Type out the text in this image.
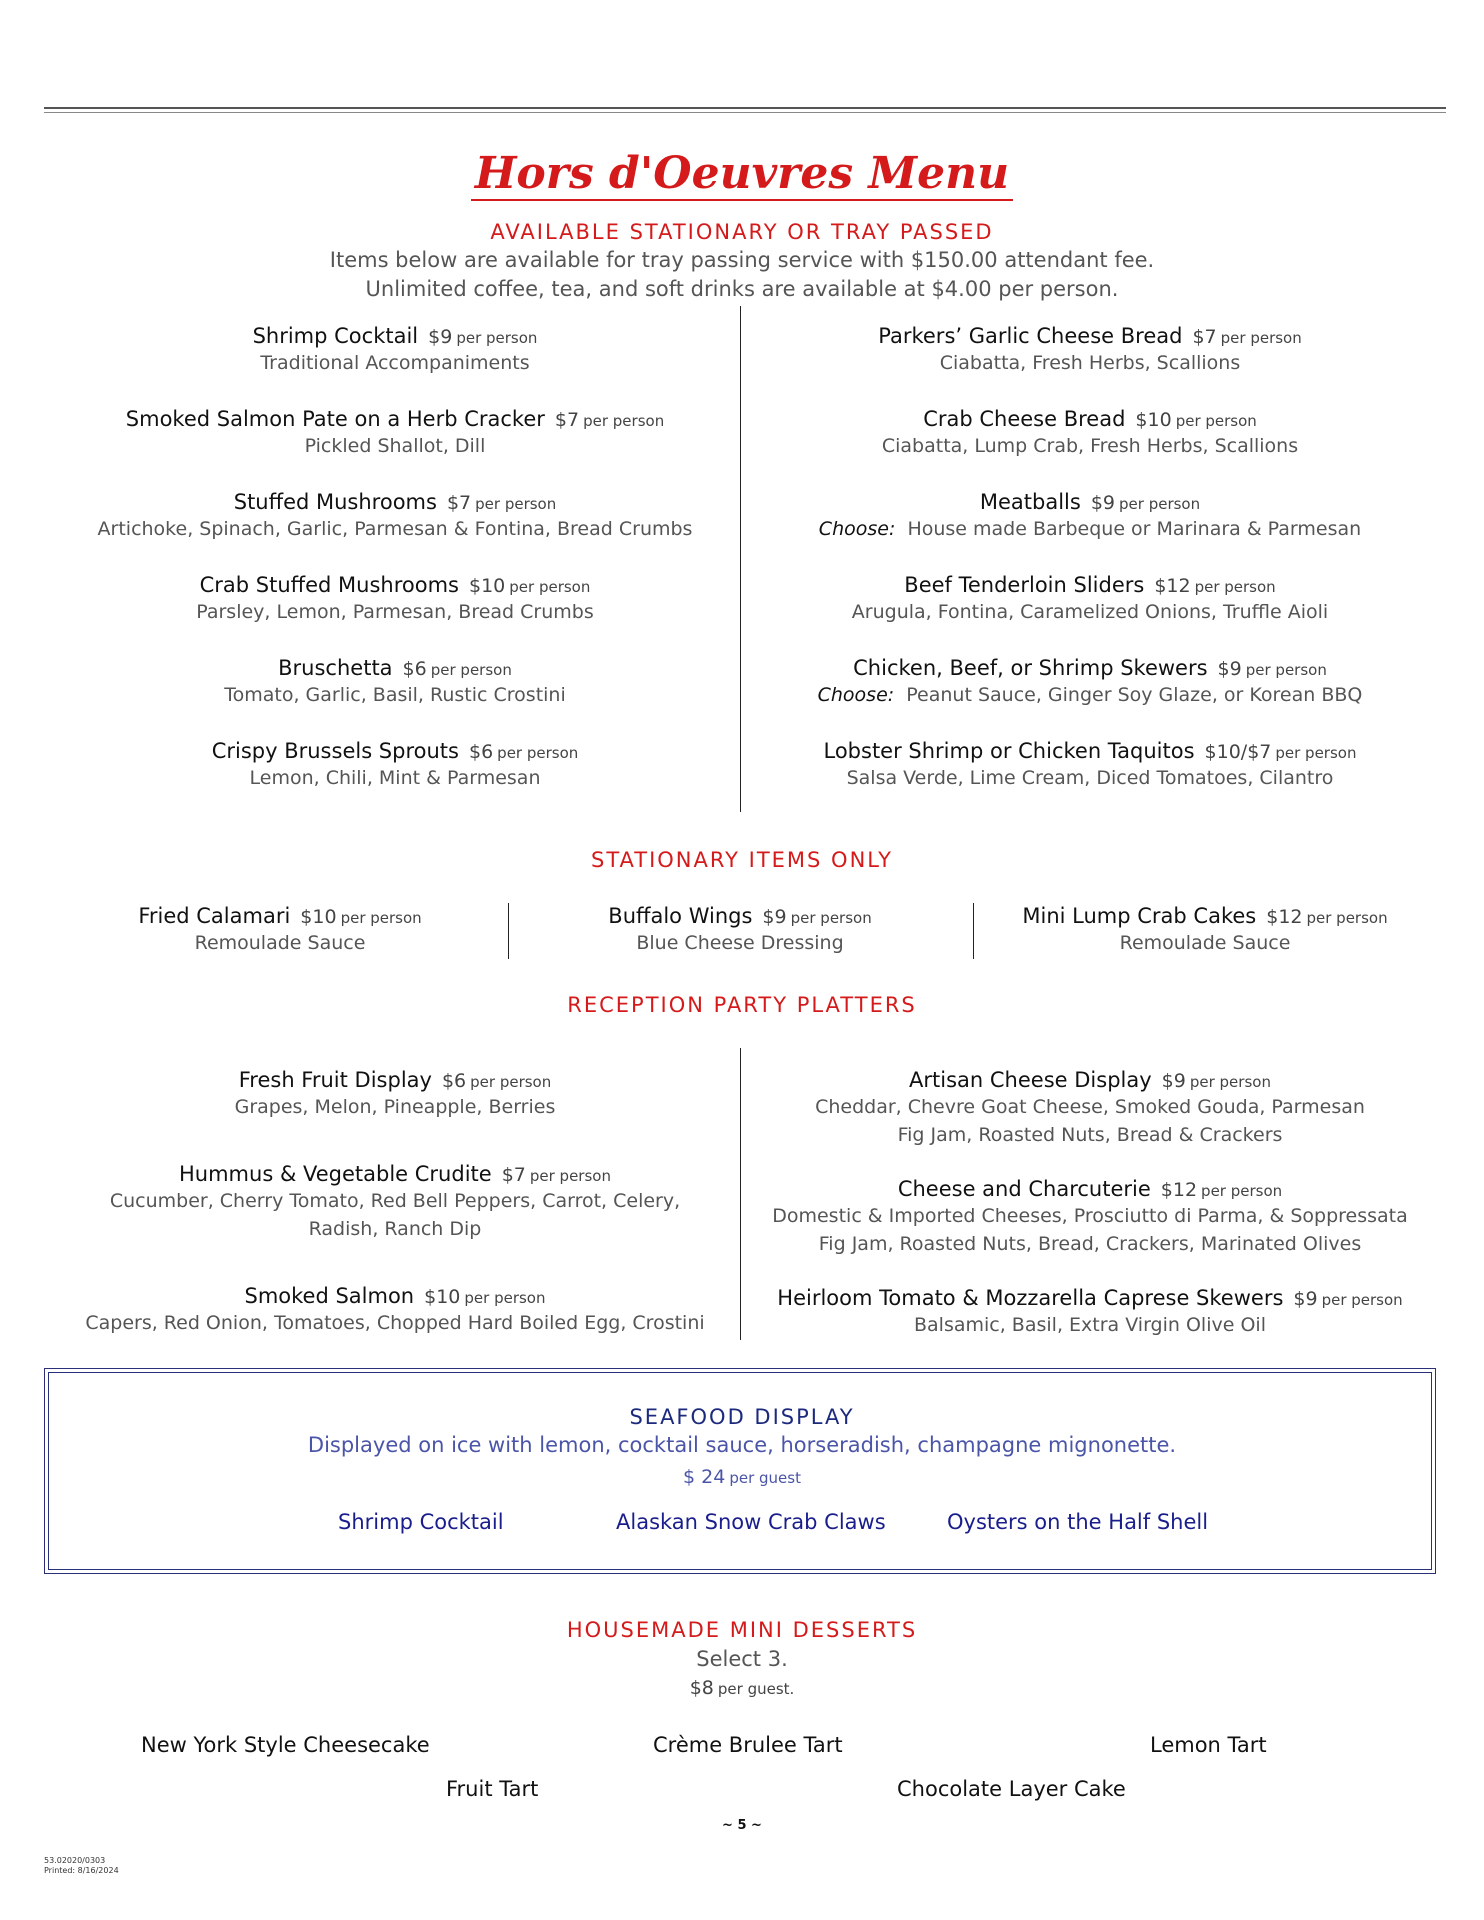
Hors d'Oeuvres Menu
AVAILABLE STATIONARY OR TRAY PASSED
Items below are available for tray passing service with $150.00 attendant fee.
Unlimited coffee, tea, and soft drinks are available at $4.00 per person.
Shrimp Cocktail $9 per person
Traditional Accompaniments
Smoked Salmon Pate on a Herb Cracker $7 per person
Pickled Shallot, Dill
Stuffed Mushrooms $7 per person
Artichoke, Spinach, Garlic, Parmesan & Fontina, Bread Crumbs
Crab Stuffed Mushrooms $10 per person
Parsley, Lemon, Parmesan, Bread Crumbs
Bruschetta $6 per person
Tomato, Garlic, Basil, Rustic Crostini
Crispy Brussels Sprouts $6 per person
Lemon, Chili, Mint & Parmesan
Parkers’ Garlic Cheese Bread $7 per person
Ciabatta, Fresh Herbs, Scallions
Crab Cheese Bread $10 per person
Ciabatta, Lump Crab, Fresh Herbs, Scallions
Meatballs $9 per person
Choose: House made Barbeque or Marinara & Parmesan
Beef Tenderloin Sliders $12 per person
Arugula, Fontina, Caramelized Onions, Truffle Aioli
Chicken, Beef, or Shrimp Skewers $9 per person
Choose: Peanut Sauce, Ginger Soy Glaze, or Korean BBQ
Lobster Shrimp or Chicken Taquitos $10/$7 per person
Salsa Verde, Lime Cream, Diced Tomatoes, Cilantro
STATIONARY ITEMS ONLY
Fried Calamari $10 per person
Remoulade Sauce
Buffalo Wings $9 per person
Blue Cheese Dressing
Mini Lump Crab Cakes $12 per person
Remoulade Sauce
RECEPTION PARTY PLATTERS
Fresh Fruit Display $6 per person
Grapes, Melon, Pineapple, Berries
Hummus & Vegetable Crudite $7 per person
Cucumber, Cherry Tomato, Red Bell Peppers, Carrot, Celery,
Radish, Ranch Dip
Smoked Salmon $10 per person
Capers, Red Onion, Tomatoes, Chopped Hard Boiled Egg, Crostini
Artisan Cheese Display $9 per person
Cheddar, Chevre Goat Cheese, Smoked Gouda, Parmesan
Fig Jam, Roasted Nuts, Bread & Crackers
Cheese and Charcuterie $12 per person
Domestic & Imported Cheeses, Prosciutto di Parma, & Soppressata
Fig Jam, Roasted Nuts, Bread, Crackers, Marinated Olives
Heirloom Tomato & Mozzarella Caprese Skewers $9 per person
Balsamic, Basil, Extra Virgin Olive Oil
SEAFOOD DISPLAY
Displayed on ice with lemon, cocktail sauce, horseradish, champagne mignonette.
$ 24 per guest
Shrimp Cocktail	Alaskan Snow Crab Claws	Oysters on the Half Shell
HOUSEMADE MINI DESSERTS
Select 3.
$8 per guest.
New York Style Cheesecake	Crème Brulee Tart	Lemon Tart
Fruit Tart	Chocolate Layer Cake
~ 5 ~
53.02020/0303
Printed: 8/16/2024
